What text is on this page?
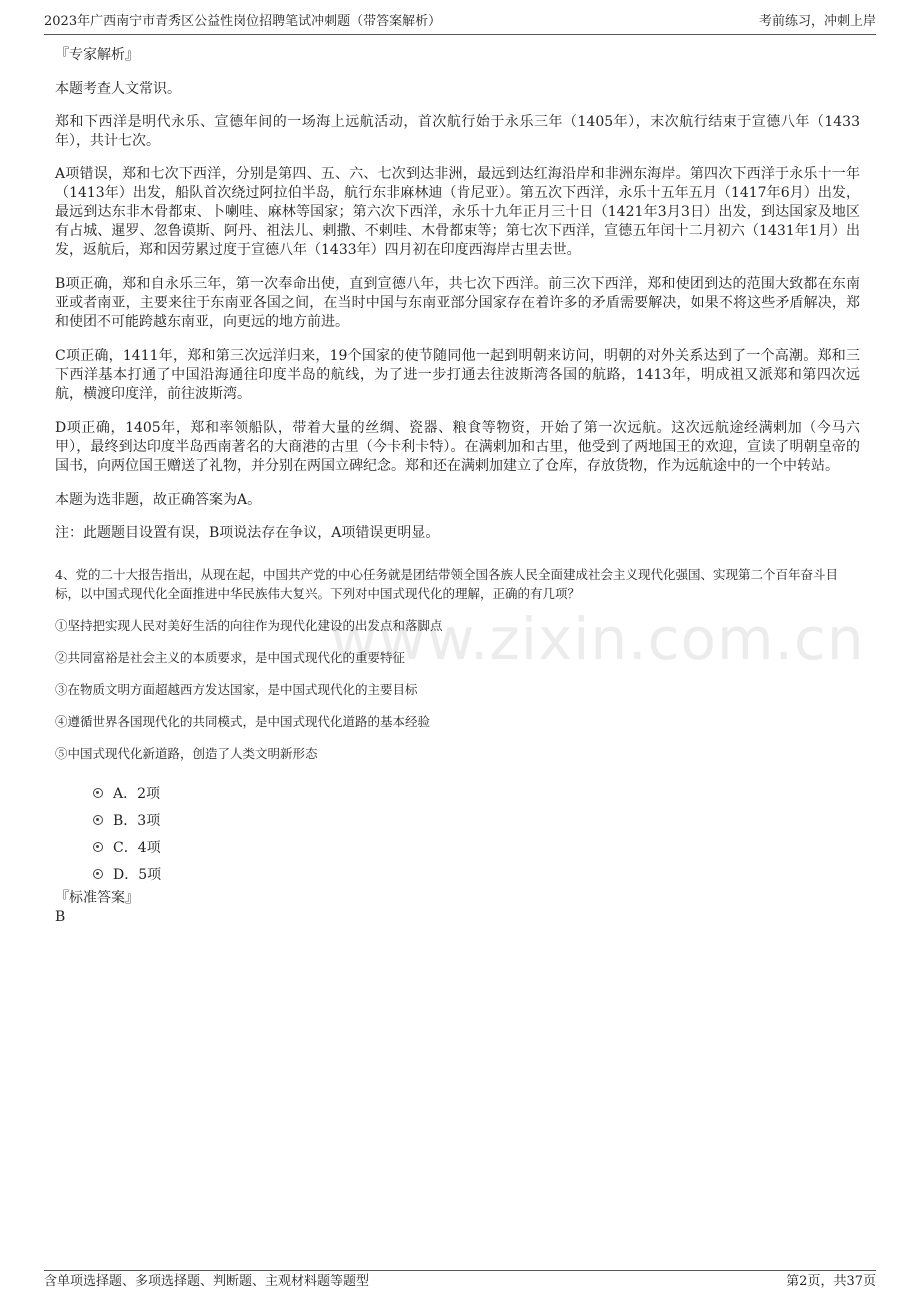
2023年广西南宁市青秀区公益性岗位招聘笔试冲刺题（带答案解析）	考前练习，冲刺上岸
www.zixin.com.cn

『专家解析』

本题考查人文常识。

郑和下西洋是明代永乐、宣德年间的一场海上远航活动，首次航行始于永乐三年（1405年），末次航行结束于宣德八年（1433年），共计七次。

A项错误，郑和七次下西洋，分别是第四、五、六、七次到达非洲，最远到达红海沿岸和非洲东海岸。第四次下西洋于永乐十一年（1413年）出发，船队首次绕过阿拉伯半岛，航行东非麻林迪（肯尼亚）。第五次下西洋，永乐十五年五月（1417年6月）出发，最远到达东非木骨都束、卜喇哇、麻林等国家；第六次下西洋，永乐十九年正月三十日（1421年3月3日）出发，到达国家及地区有占城、暹罗、忽鲁谟斯、阿丹、祖法儿、剌撒、不剌哇、木骨都束等；第七次下西洋，宣德五年闰十二月初六（1431年1月）出发，返航后，郑和因劳累过度于宣德八年（1433年）四月初在印度西海岸古里去世。

B项正确，郑和自永乐三年，第一次奉命出使，直到宣德八年，共七次下西洋。前三次下西洋，郑和使团到达的范围大致都在东南亚或者南亚，主要来往于东南亚各国之间，在当时中国与东南亚部分国家存在着许多的矛盾需要解决，如果不将这些矛盾解决，郑和使团不可能跨越东南亚，向更远的地方前进。

C项正确，1411年，郑和第三次远洋归来，19个国家的使节随同他一起到明朝来访问，明朝的对外关系达到了一个高潮。郑和三下西洋基本打通了中国沿海通往印度半岛的航线，为了进一步打通去往波斯湾各国的航路，1413年，明成祖又派郑和第四次远航，横渡印度洋，前往波斯湾。

D项正确，1405年，郑和率领船队，带着大量的丝绸、瓷器、粮食等物资，开始了第一次远航。这次远航途经满剌加（今马六甲），最终到达印度半岛西南著名的大商港的古里（今卡利卡特）。在满剌加和古里，他受到了两地国王的欢迎，宣读了明朝皇帝的国书，向两位国王赠送了礼物，并分别在两国立碑纪念。郑和还在满剌加建立了仓库，存放货物，作为远航途中的一个中转站。

本题为选非题，故正确答案为A。

注：此题题目设置有误，B项说法存在争议，A项错误更明显。

4、党的二十大报告指出，从现在起，中国共产党的中心任务就是团结带领全国各族人民全面建成社会主义现代化强国、实现第二个百年奋斗目标，以中国式现代化全面推进中华民族伟大复兴。下列对中国式现代化的理解，正确的有几项？

①坚持把实现人民对美好生活的向往作为现代化建设的出发点和落脚点

②共同富裕是社会主义的本质要求，是中国式现代化的重要特征

③在物质文明方面超越西方发达国家，是中国式现代化的主要目标

④遵循世界各国现代化的共同模式，是中国式现代化道路的基本经验

⑤中国式现代化新道路，创造了人类文明新形态

A．2项
B．3项
C．4项
D．5项

『标准答案』

B

含单项选择题、多项选择题、判断题、主观材料题等题型	第2页，共37页
